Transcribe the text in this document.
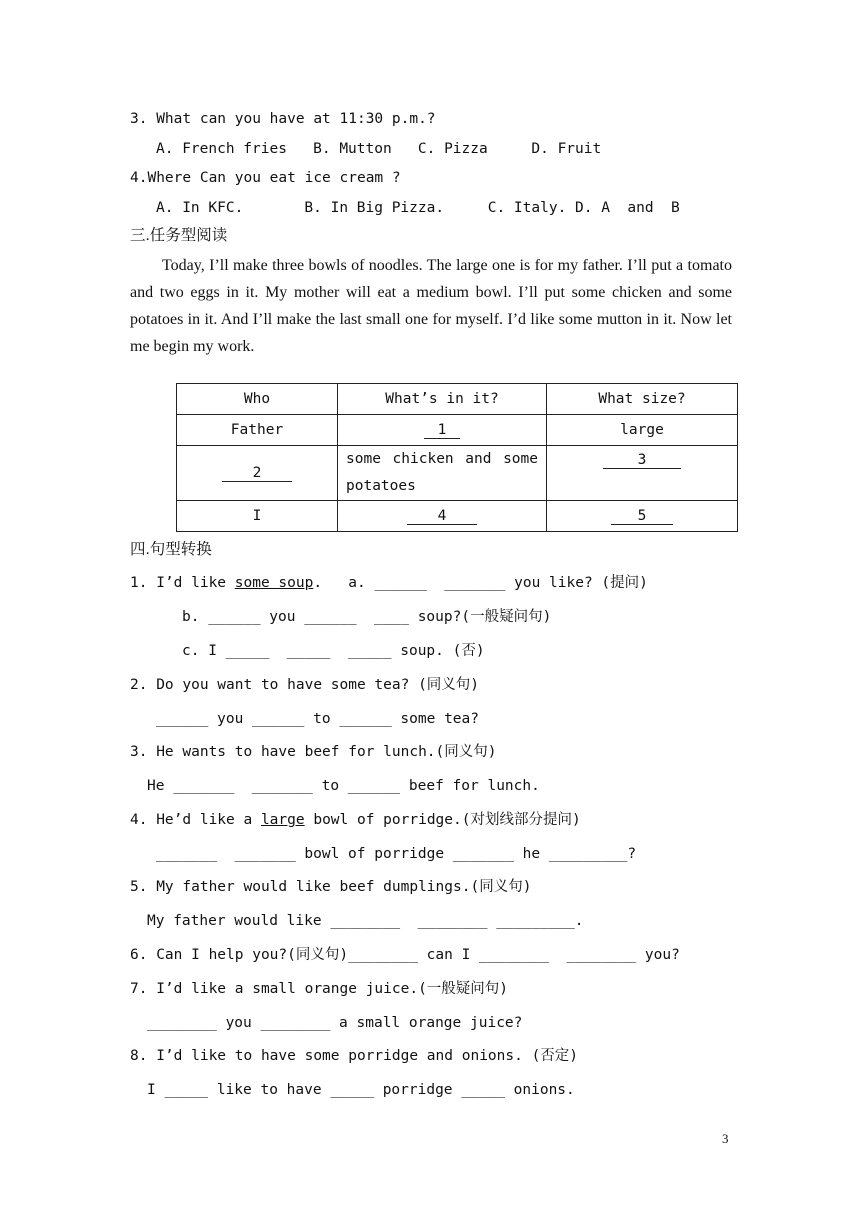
3. What can you have at 11:30 p.m.?
A. French fries   B. Mutton   C. Pizza     D. Fruit
4.Where Can you eat ice cream ?
A. In KFC.       B. In Big Pizza.     C. Italy. D. A  and  B
三.任务型阅读
Today, I’ll make three bowls of noodles. The large one is for my father. I’ll put a tomato and two eggs in it. My mother will eat a medium bowl. I’ll put some chicken and some potatoes in it. And I’ll make the last small one for myself. I’d like some mutton in it. Now let me begin my work.
Who	What’s in it?	What size?
Father	1	large
2	some chicken and some potatoes	3
I	4	5
四.句型转换
1. I’d like some soup.   a. ______  _______ you like? (提问)
b. ______ you ______  ____ soup?(一般疑问句)
c. I _____  _____  _____ soup. (否)
2. Do you want to have some tea? (同义句)
______ you ______ to ______ some tea?
3. He wants to have beef for lunch.(同义句)
He _______  _______ to ______ beef for lunch.
4. He’d like a large bowl of porridge.(对划线部分提问)
_______  _______ bowl of porridge _______ he _________?
5. My father would like beef dumplings.(同义句)
My father would like ________  ________ _________.
6. Can I help you?(同义句)________ can I ________  ________ you?
7. I’d like a small orange juice.(一般疑问句)
________ you ________ a small orange juice?
8. I’d like to have some porridge and onions. (否定)
I _____ like to have _____ porridge _____ onions.
3
